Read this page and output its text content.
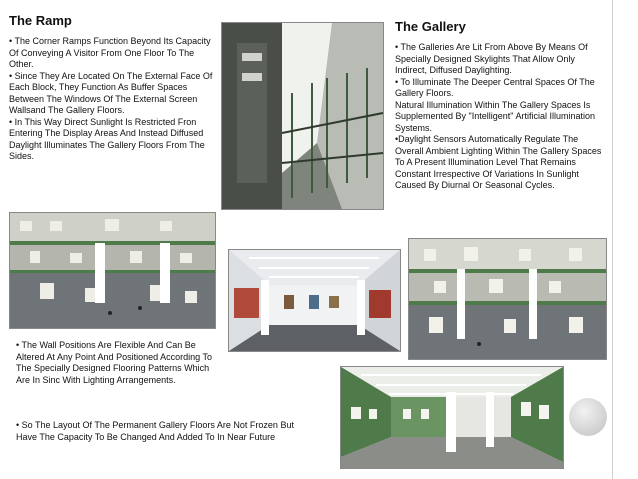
The Ramp

• The Corner Ramps Function Beyond Its Capacity Of Conveying A Visitor From One Floor To The Other.

• Since They Are Located On The External Face Of Each Block, They Function As Buffer Spaces Between The Windows Of The External Screen Wallsand The Gallery Floors.

• In This Way Direct Sunlight Is Restricted Fron Entering The Display Areas And Instead Diffused Daylight Illuminates The Gallery Floors From The Sides.

The Gallery

• The Galleries Are Lit From Above By Means Of Specially Designed Skylights That Allow Only Indirect, Diffused Daylighting.

• To Illuminate The Deeper Central Spaces Of The Gallery Floors.

Natural Illumination Within The Gallery Spaces Is Supplemented By "Intelligent" Artificial Illumination Systems.

•Daylight Sensors Automatically Regulate The Overall Ambient Lighting Within The Gallery Spaces To A Present Illumination Level That Remains Constant Irrespective Of Variations In Sunlight Caused By Diurnal Or Seasonal Cycles.

• The Wall Positions Are Flexible And Can Be Altered At Any Point And Positioned According To The Specially Designed Flooring Patterns Which Are In Sinc With Lighting Arrangements.

• So The Layout Of The Permanent Gallery Floors Are Not Frozen But Have The Capacity To Be Changed And Added To In Near Future
